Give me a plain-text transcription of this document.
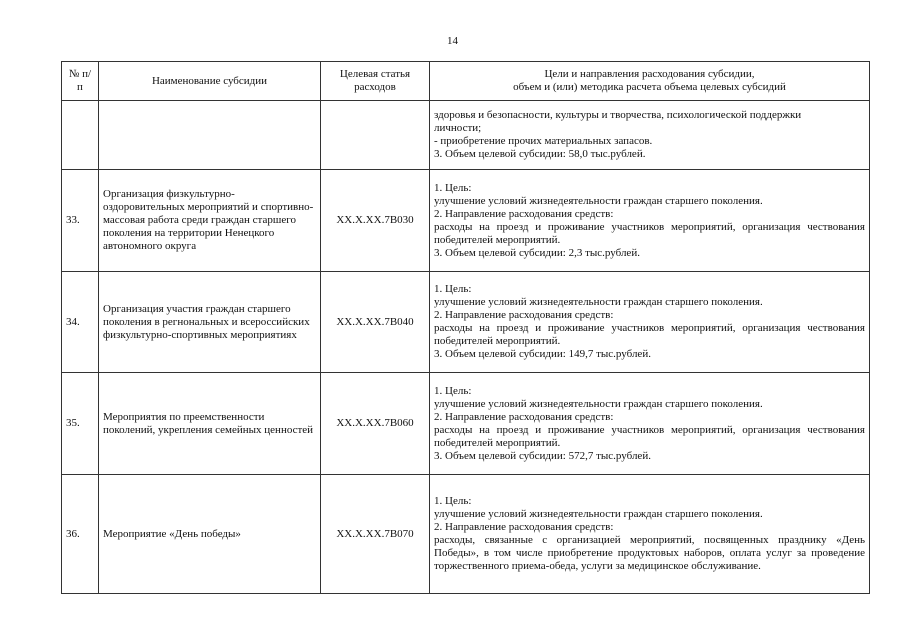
14
№ п/п	Наименование субсидии	Целевая статья расходов	Цели и направления расходования субсидии,
объем и (или) методика расчета объема целевых субсидий

			здоровья и безопасности, культуры и творчества, психологической поддержки
личности;
- приобретение прочих материальных запасов.
3. Объем целевой субсидии: 58,0 тыс.рублей.

33.	Организация физкультурно-оздоровительных мероприятий и спортивно-массовая работа среди граждан старшего поколения на территории Ненецкого автономного округа	XX.X.XX.7B030	1. Цель:
улучшение условий жизнедеятельности граждан старшего поколения.
2. Направление расходования средств:
расходы на проезд и проживание участников мероприятий, организация чествования победителей мероприятий.
3. Объем целевой субсидии: 2,3 тыс.рублей.

34.	Организация участия граждан старшего поколения в регнональных и всероссийских физкультурно-спортивных мероприятиях	XX.X.XX.7B040	1. Цель:
улучшение условий жизнедеятельности граждан старшего поколения.
2. Направление расходования средств:
расходы на проезд и проживание участников мероприятий, организация чествования победителей мероприятий.
3. Объем целевой субсидии: 149,7 тыс.рублей.

35.	Мероприятия по преемственности поколений, укрепления семейных ценностей	XX.X.XX.7B060	1. Цель:
улучшение условий жизнедеятельности граждан старшего поколения.
2. Направление расходования средств:
расходы на проезд и проживание участников мероприятий, организация чествования победителей мероприятий.
3. Объем целевой субсидии: 572,7 тыс.рублей.

36.	Мероприятие «День победы»	XX.X.XX.7B070	1. Цель:
улучшение условий жизнедеятельности граждан старшего поколения.
2. Направление расходования средств:
расходы, связанные с организацией мероприятий, посвященных празднику «День Победы», в том числе приобретение продуктовых наборов, оплата услуг за проведение торжественного приема-обеда, услуги за медицинское обслуживание.
